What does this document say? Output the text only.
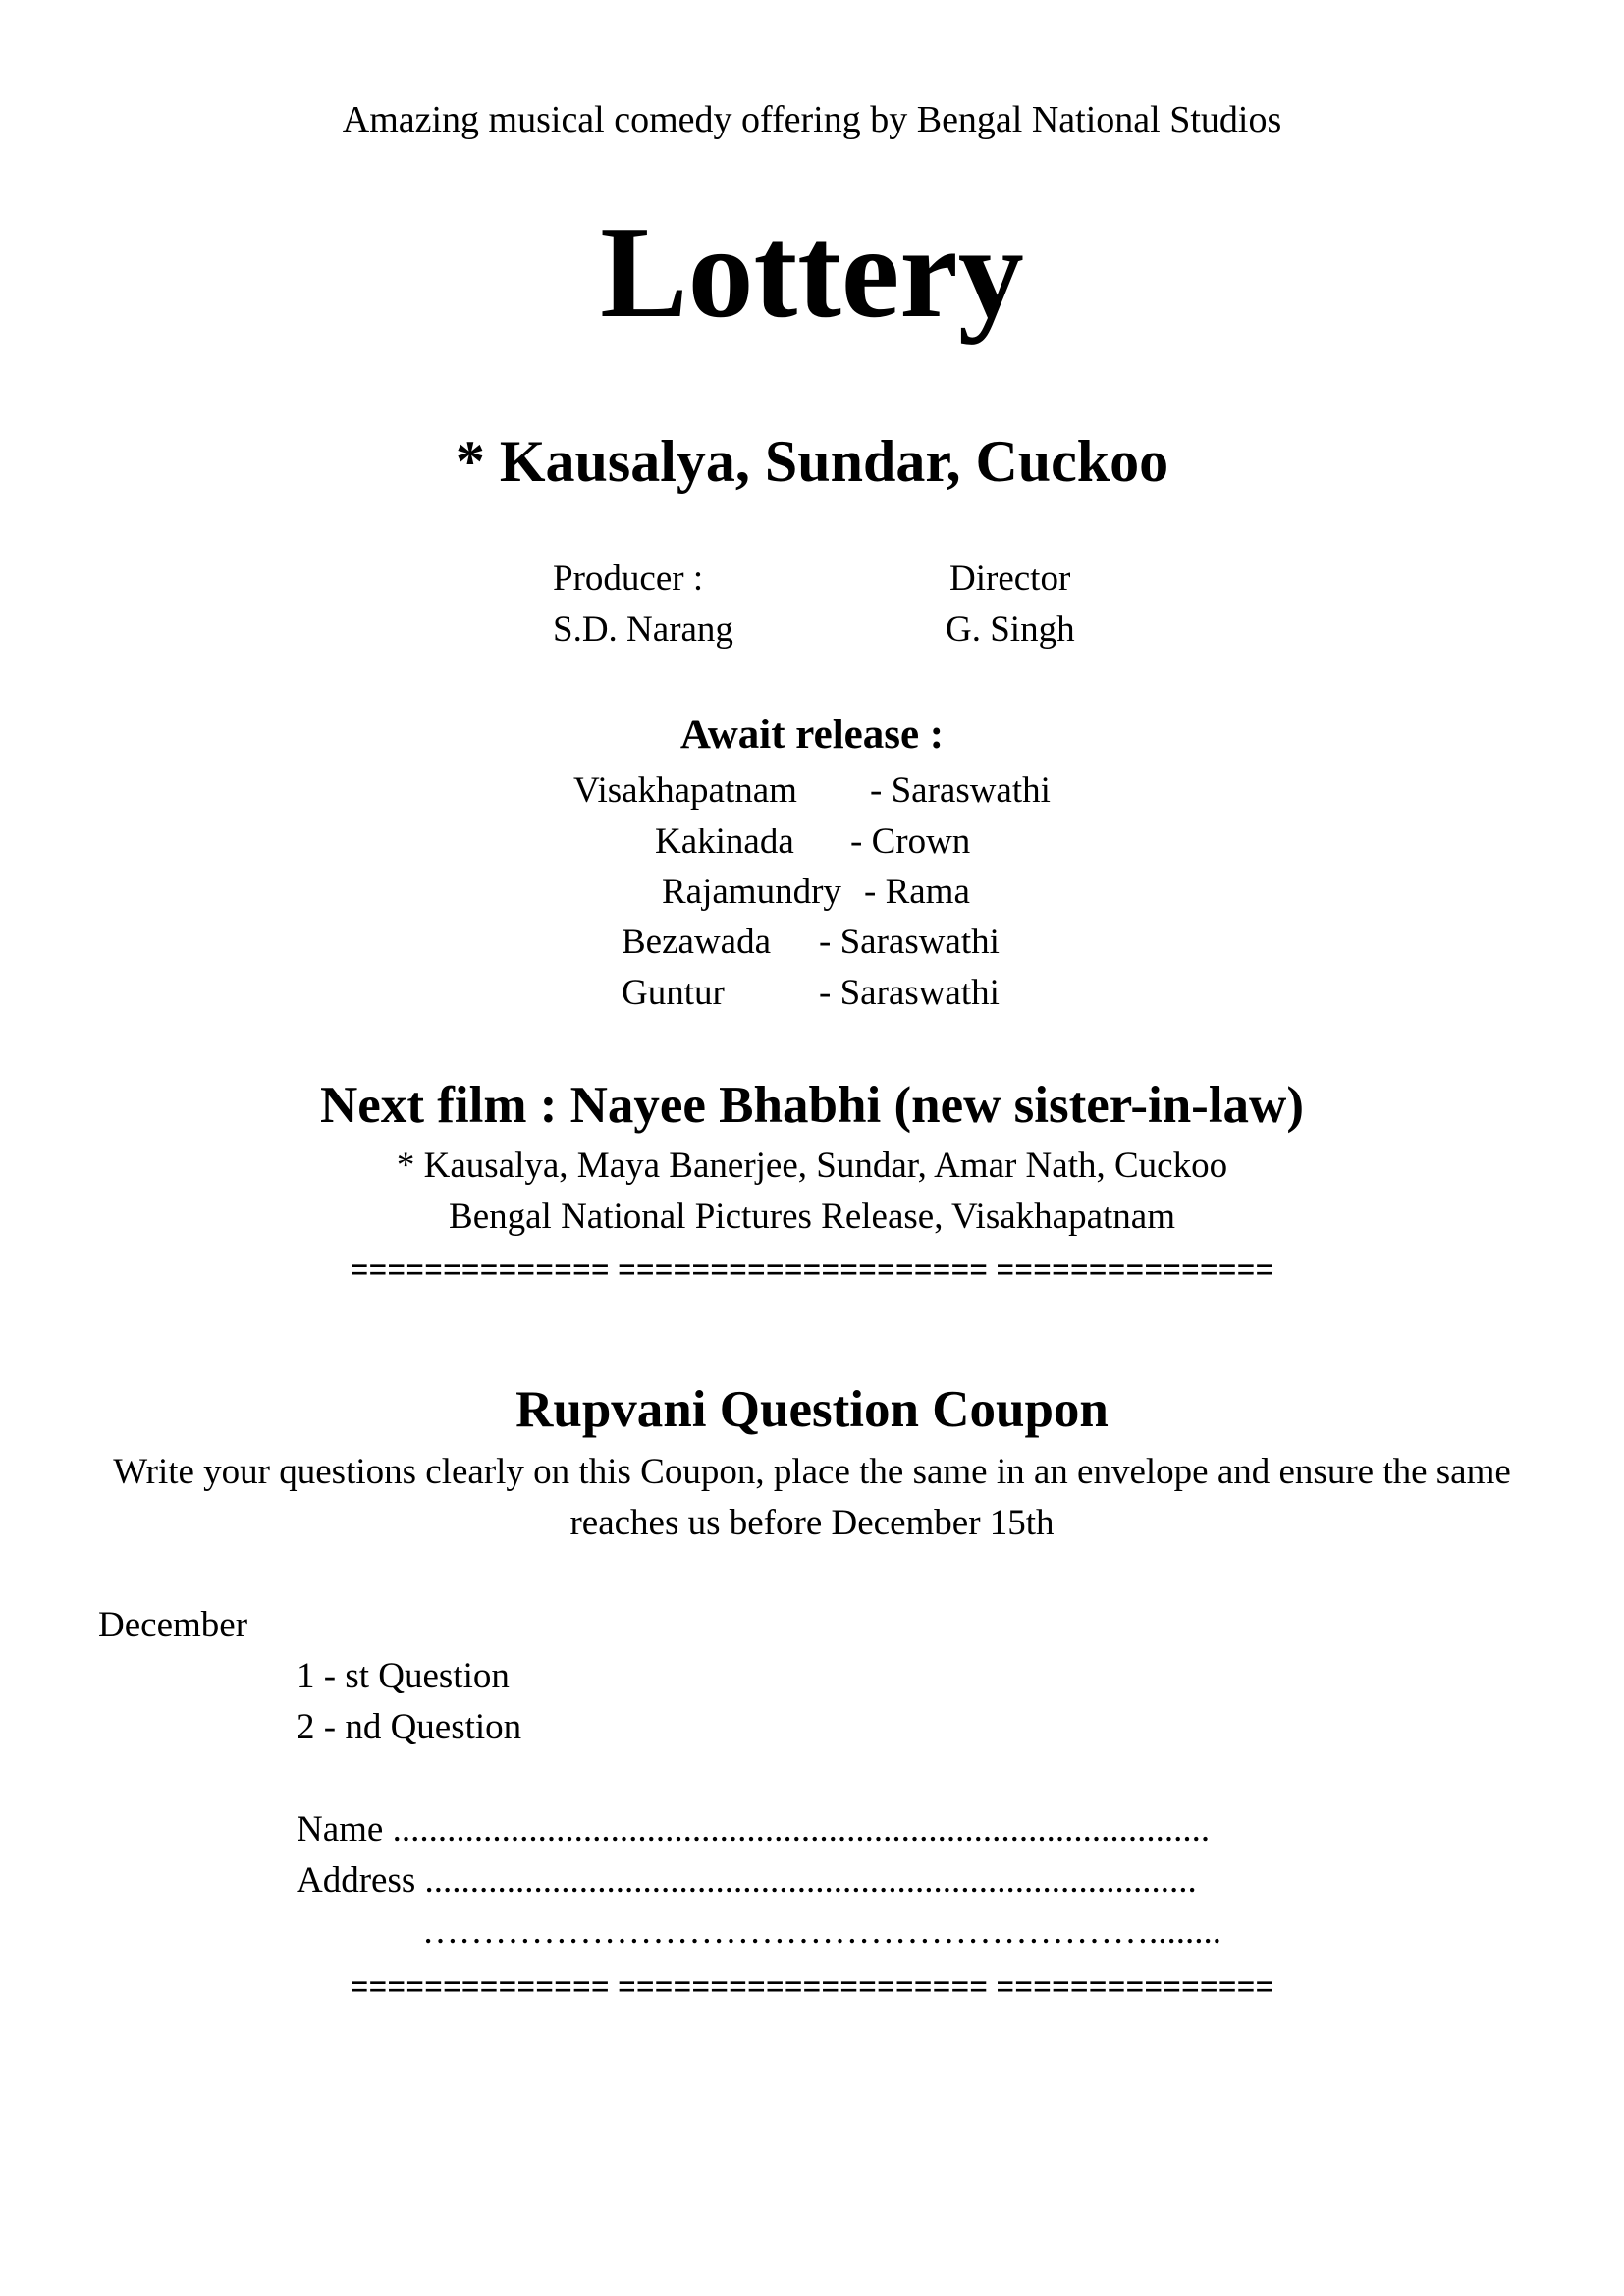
Amazing musical comedy offering by Bengal National Studios
Lottery
* Kausalya, Sundar, Cuckoo
Producer :
S.D. Narang
Director
G. Singh
Await release :
Visakhapatnam - Saraswathi
Kakinada - Crown
Rajamundry - Rama
Bezawada - Saraswathi
Guntur	- Saraswathi
Next film : Nayee Bhabhi (new sister-in-law)
* Kausalya, Maya Banerjee, Sundar, Amar Nath, Cuckoo
Bengal National Pictures Release, Visakhapatnam
============== ==================== ===============
Rupvani Question Coupon
Write your questions clearly on this Coupon, place the same in an envelope and ensure the same reaches us before December 15th
December
1 - st Question
2 - nd Question
Name ..........................................................................................
Address .....................................................................................
……………………………………………………........
============== ==================== ===============
